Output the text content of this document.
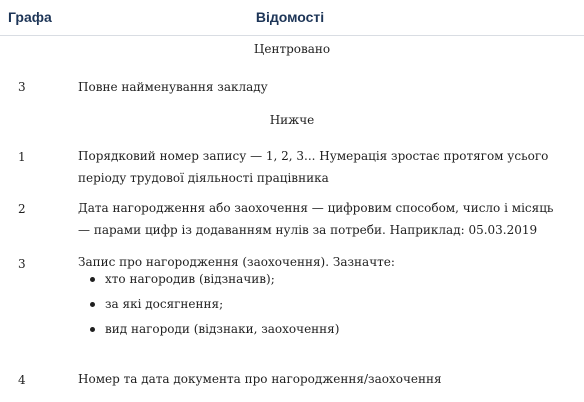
Графа	Відомості
Центровано
3	Повне найменування закладу
Нижче
1	Порядковий номер запису — 1, 2, 3... Нумерація зростає протягом усього періоду трудової діяльності працівника
2	Дата нагородження або заохочення — цифровим способом, число і місяць — парами цифр із додаванням нулів за потреби. Наприклад: 05.03.2019
3	Запис про нагородження (заохочення). Зазначте:
хто нагородив (відзначив);
за які досягнення;
вид нагороди (відзнаки, заохочення)
4	Номер та дата документа про нагородження/заохочення
